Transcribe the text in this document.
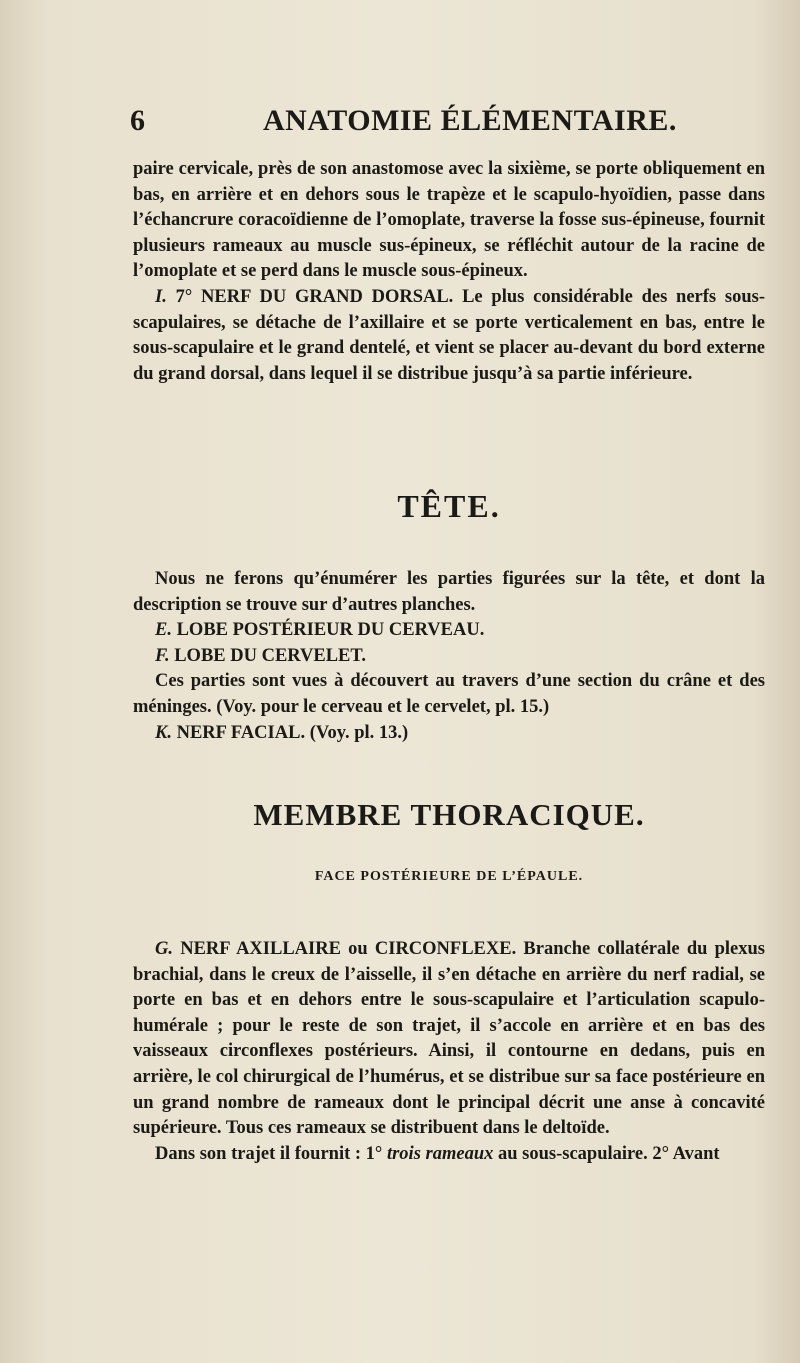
6	ANATOMIE ÉLÉMENTAIRE.

paire cervicale, près de son anastomose avec la sixième, se porte obliquement en bas, en arrière et en dehors sous le trapèze et le scapulo-hyoïdien, passe dans l’échancrure coracoïdienne de l’omoplate, traverse la fosse sus-épineuse, fournit plusieurs rameaux au muscle sus-épineux, se réfléchit autour de la racine de l’omoplate et se perd dans le muscle sous-épineux.

I. 7° NERF DU GRAND DORSAL. Le plus considérable des nerfs sous-scapulaires, se détache de l’axillaire et se porte verticalement en bas, entre le sous-scapulaire et le grand dentelé, et vient se placer au-devant du bord externe du grand dorsal, dans lequel il se distribue jusqu’à sa partie inférieure.

TÊTE.

Nous ne ferons qu’énumérer les parties figurées sur la tête, et dont la description se trouve sur d’autres planches.

E. LOBE POSTÉRIEUR DU CERVEAU.

F. LOBE DU CERVELET.

Ces parties sont vues à découvert au travers d’une section du crâne et des méninges. (Voy. pour le cerveau et le cervelet, pl. 15.)

K. NERF FACIAL. (Voy. pl. 13.)

MEMBRE THORACIQUE.
FACE POSTÉRIEURE DE L’ÉPAULE.

G. NERF AXILLAIRE ou CIRCONFLEXE. Branche collatérale du plexus brachial, dans le creux de l’aisselle, il s’en détache en arrière du nerf radial, se porte en bas et en dehors entre le sous-scapulaire et l’articulation scapulo-humérale ; pour le reste de son trajet, il s’accole en arrière et en bas des vaisseaux circonflexes postérieurs. Ainsi, il contourne en dedans, puis en arrière, le col chirurgical de l’humérus, et se distribue sur sa face postérieure en un grand nombre de rameaux dont le principal décrit une anse à concavité supérieure. Tous ces rameaux se distribuent dans le deltoïde.

Dans son trajet il fournit : 1° trois rameaux au sous-scapulaire. 2° Avant
